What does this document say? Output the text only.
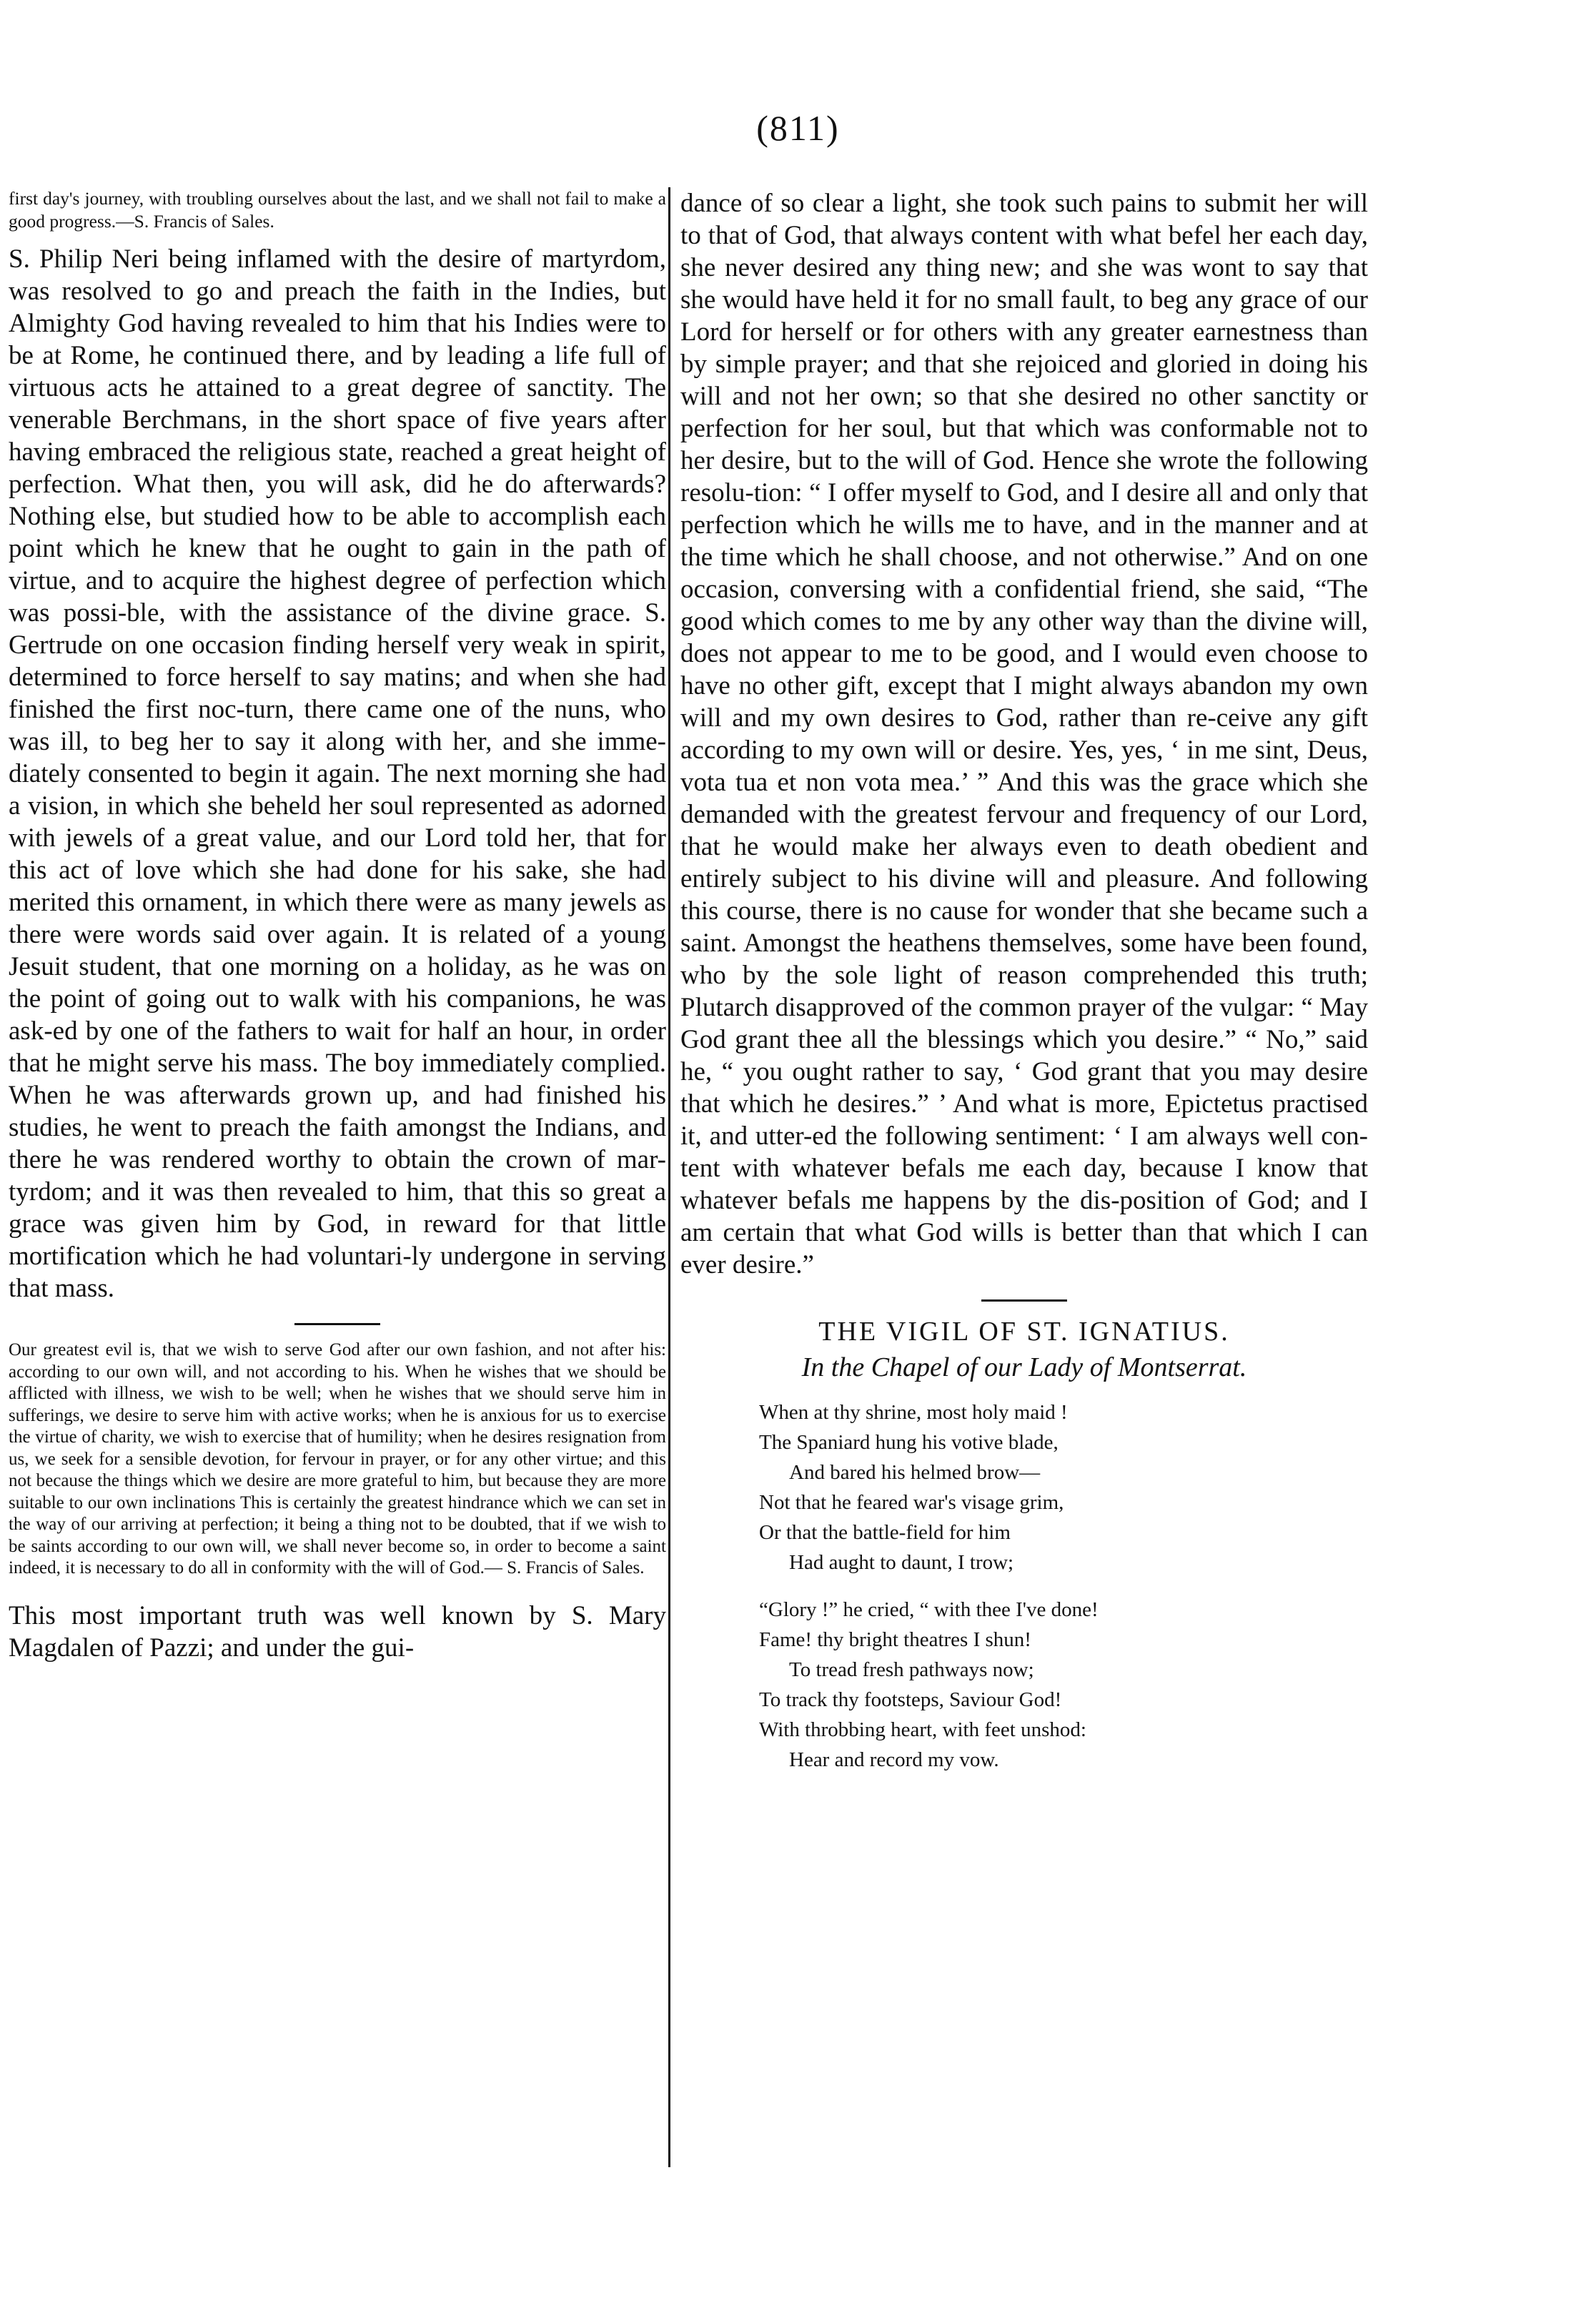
(811)

first day's journey, with troubling ourselves about the last, and we shall not fail to make a good progress.—S. Francis of Sales.

S. Philip Neri being inflamed with the desire of martyrdom, was resolved to go and preach the faith in the Indies, but Almighty God having revealed to him that his Indies were to be at Rome, he continued there, and by leading a life full of virtuous acts he attained to a great degree of sanctity. The venerable Berchmans, in the short space of five years after having embraced the religious state, reached a great height of perfection. What then, you will ask, did he do afterwards? Nothing else, but studied how to be able to accomplish each point which he knew that he ought to gain in the path of virtue, and to acquire the highest degree of perfection which was possi-ble, with the assistance of the divine grace. S. Gertrude on one occasion finding herself very weak in spirit, determined to force herself to say matins; and when she had finished the first noc-turn, there came one of the nuns, who was ill, to beg her to say it along with her, and she imme-diately consented to begin it again. The next morning she had a vision, in which she beheld her soul represented as adorned with jewels of a great value, and our Lord told her, that for this act of love which she had done for his sake, she had merited this ornament, in which there were as many jewels as there were words said over again. It is related of a young Jesuit student, that one morning on a holiday, as he was on the point of going out to walk with his companions, he was ask-ed by one of the fathers to wait for half an hour, in order that he might serve his mass. The boy immediately complied. When he was afterwards grown up, and had finished his studies, he went to preach the faith amongst the Indians, and there he was rendered worthy to obtain the crown of mar-tyrdom; and it was then revealed to him, that this so great a grace was given him by God, in reward for that little mortification which he had voluntari-ly undergone in serving that mass.

Our greatest evil is, that we wish to serve God after our own fashion, and not after his: according to our own will, and not according to his. When he wishes that we should be afflicted with illness, we wish to be well; when he wishes that we should serve him in sufferings, we desire to serve him with active works; when he is anxious for us to exercise the virtue of charity, we wish to exercise that of humility; when he desires resignation from us, we seek for a sensible devotion, for fervour in prayer, or for any other virtue; and this not because the things which we desire are more grateful to him, but because they are more suitable to our own inclinations This is certainly the greatest hindrance which we can set in the way of our arriving at perfection; it being a thing not to be doubted, that if we wish to be saints according to our own will, we shall never become so, in order to become a saint indeed, it is necessary to do all in conformity with the will of God.— S. Francis of Sales.

This most important truth was well known by S. Mary Magdalen of Pazzi; and under the gui-

dance of so clear a light, she took such pains to submit her will to that of God, that always content with what befel her each day, she never desired any thing new; and she was wont to say that she would have held it for no small fault, to beg any grace of our Lord for herself or for others with any greater earnestness than by simple prayer; and that she rejoiced and gloried in doing his will and not her own; so that she desired no other sanctity or perfection for her soul, but that which was conformable not to her desire, but to the will of God. Hence she wrote the following resolu-tion: “ I offer myself to God, and I desire all and only that perfection which he wills me to have, and in the manner and at the time which he shall choose, and not otherwise.” And on one occasion, conversing with a confidential friend, she said, “The good which comes to me by any other way than the divine will, does not appear to me to be good, and I would even choose to have no other gift, except that I might always abandon my own will and my own desires to God, rather than re-ceive any gift according to my own will or desire. Yes, yes, ‘ in me sint, Deus, vota tua et non vota mea.’ ” And this was the grace which she demanded with the greatest fervour and frequency of our Lord, that he would make her always even to death obedient and entirely subject to his divine will and pleasure. And following this course, there is no cause for wonder that she became such a saint. Amongst the heathens themselves, some have been found, who by the sole light of reason comprehended this truth; Plutarch disapproved of the common prayer of the vulgar: “ May God grant thee all the blessings which you desire.” “ No,” said he, “ you ought rather to say, ‘ God grant that you may desire that which he desires.” ’ And what is more, Epictetus practised it, and utter-ed the following sentiment: ‘ I am always well con-tent with whatever befals me each day, because I know that whatever befals me happens by the dis-position of God; and I am certain that what God wills is better than that which I can ever desire.”

THE VIGIL OF ST. IGNATIUS.
In the Chapel of our Lady of Montserrat.
When at thy shrine, most holy maid !
The Spaniard hung his votive blade,
And bared his helmed brow—
Not that he feared war's visage grim,
Or that the battle-field for him
Had aught to daunt, I trow;
“Glory !” he cried, “ with thee I've done!
Fame! thy bright theatres I shun!
To tread fresh pathways now;
To track thy footsteps, Saviour God!
With throbbing heart, with feet unshod:
Hear and record my vow.
